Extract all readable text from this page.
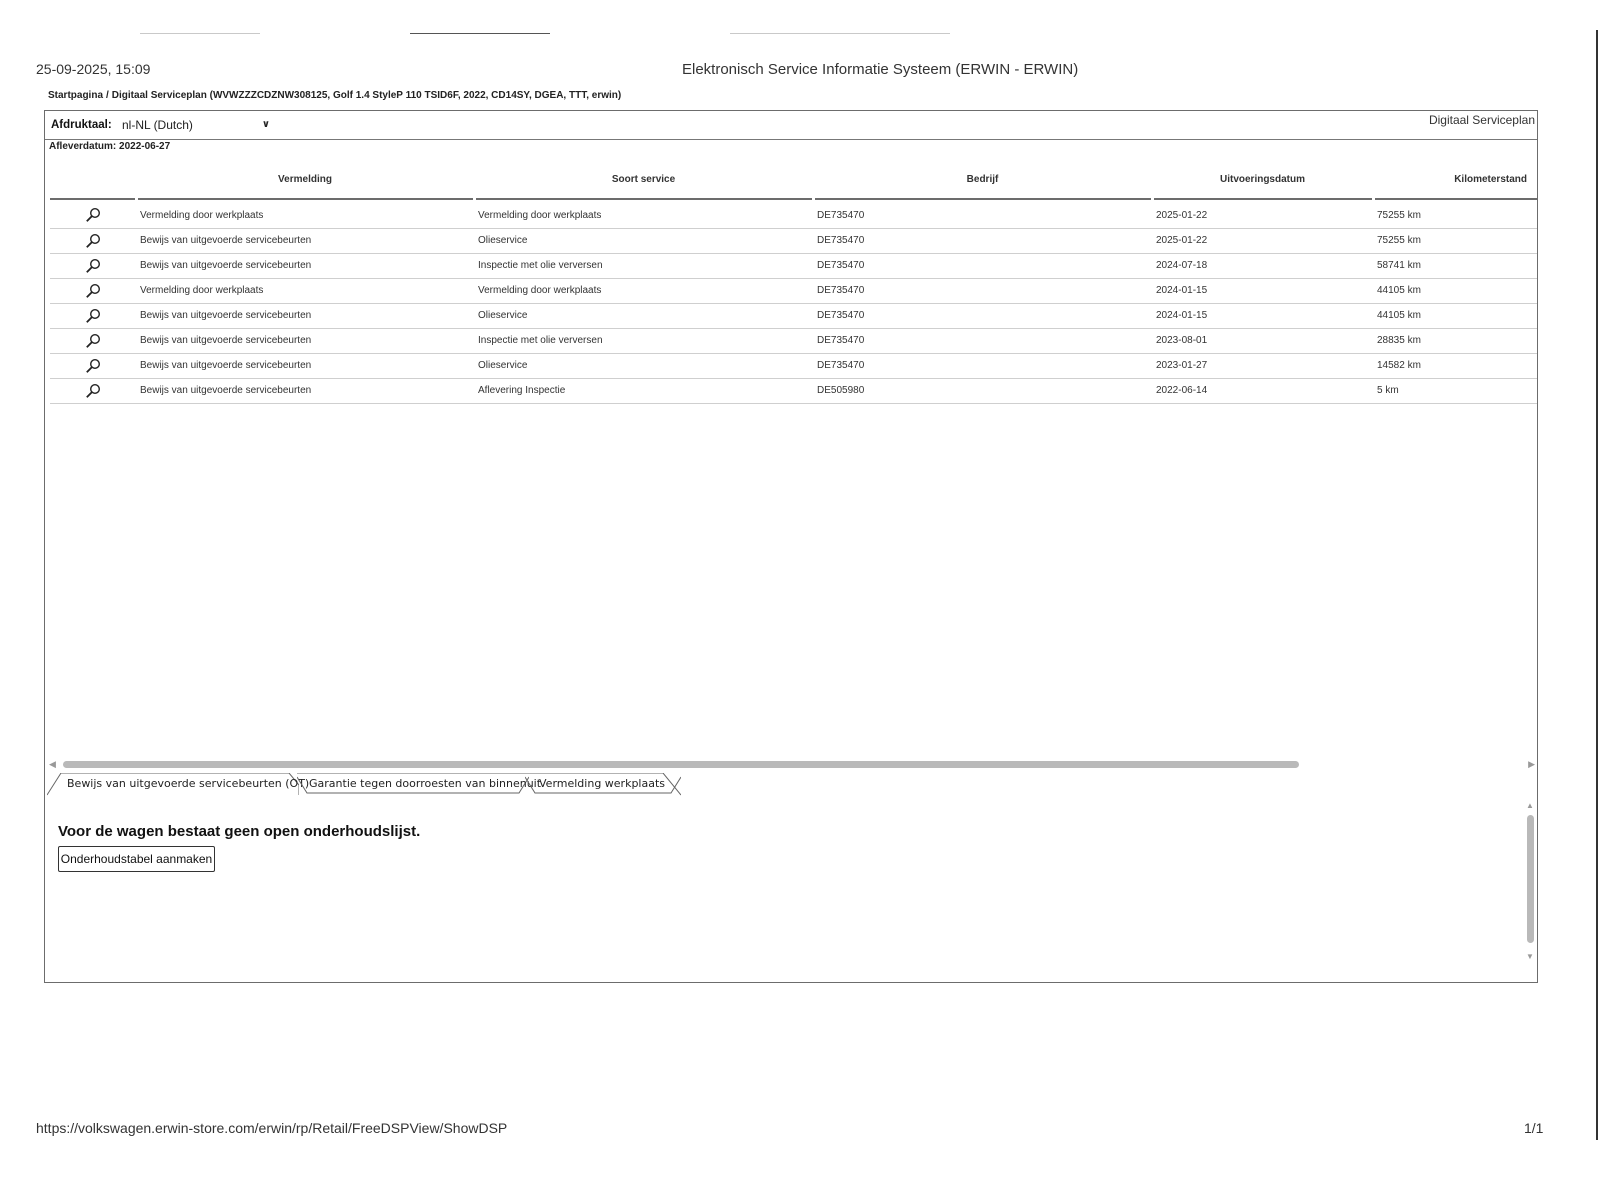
25-09-2025, 15:09	Elektronisch Service Informatie Systeem (ERWIN - ERWIN)
Startpagina / Digitaal Serviceplan (WVWZZZCDZNW308125, Golf 1.4 StyleP 110 TSID6F, 2022, CD14SY, DGEA, TTT, erwin)
Afdruktaal: nl-NL (Dutch)	∨	Digitaal Serviceplan
Afleverdatum: 2022-06-27
	Vermelding	Soort service	Bedrijf	Uitvoeringsdatum	Kilometerstand

	Vermelding door werkplaats	Vermelding door werkplaats	DE735470	2025-01-22	75255 km
	Bewijs van uitgevoerde servicebeurten	Olieservice	DE735470	2025-01-22	75255 km
	Bewijs van uitgevoerde servicebeurten	Inspectie met olie verversen	DE735470	2024-07-18	58741 km
	Vermelding door werkplaats	Vermelding door werkplaats	DE735470	2024-01-15	44105 km
	Bewijs van uitgevoerde servicebeurten	Olieservice	DE735470	2024-01-15	44105 km
	Bewijs van uitgevoerde servicebeurten	Inspectie met olie verversen	DE735470	2023-08-01	28835 km
	Bewijs van uitgevoerde servicebeurten	Olieservice	DE735470	2023-01-27	14582 km
	Bewijs van uitgevoerde servicebeurten	Aflevering Inspectie	DE505980	2022-06-14	5 km
◀	▶
Bewijs van uitgevoerde servicebeurten (OT) Garantie tegen doorroesten van binnenuit
Vermelding werkplaats
Voor de wagen bestaat geen open onderhoudslijst.
Onderhoudstabel aanmaken
▲
▼
https://volkswagen.erwin-store.com/erwin/rp/Retail/FreeDSPView/ShowDSP	1/1
